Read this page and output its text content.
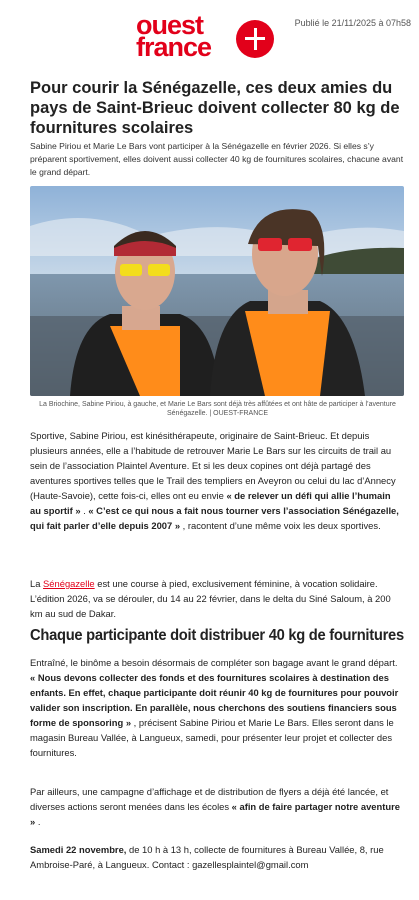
ouest
france
Publié le 21/11/2025 à 07h58
Pour courir la Sénégazelle, ces deux amies du pays de Saint-Brieuc doivent collecter 80 kg de fournitures scolaires

Sabine Piriou et Marie Le Bars vont participer à la Sénégazelle en février 2026. Si elles s’y préparent sportivement, elles doivent aussi collecter 40 kg de fournitures scolaires, chacune avant le grand départ.

La Briochine, Sabine Piriou, à gauche, et Marie Le Bars sont déjà très affûtées et ont hâte de participer à l’aventure Sénégazelle. | OUEST-FRANCE

Sportive, Sabine Piriou, est kinésithérapeute, originaire de Saint-Brieuc. Et depuis plusieurs années, elle a l’habitude de retrouver Marie Le Bars sur les circuits de trail au sein de l’association Plaintel Aventure. Et si les deux copines ont déjà partagé des aventures sportives telles que le Trail des templiers en Aveyron ou celui du lac d’Annecy (Haute-Savoie), cette fois-ci, elles ont eu envie « de relever un défi qui allie l’humain au sportif » . « C’est ce qui nous a fait nous tourner vers l’association Sénégazelle, qui fait parler d’elle depuis 2007 » , racontent d’une même voix les deux sportives.

La Sénégazelle est une course à pied, exclusivement féminine, à vocation solidaire. L’édition 2026, va se dérouler, du 14 au 22 février, dans le delta du Siné Saloum, à 200 km au sud de Dakar.

Chaque participante doit distribuer 40 kg de fournitures

Entraîné, le binôme a besoin désormais de compléter son bagage avant le grand départ. « Nous devons collecter des fonds et des fournitures scolaires à destination des enfants. En effet, chaque participante doit réunir 40 kg de fournitures pour pouvoir valider son inscription. En parallèle, nous cherchons des soutiens financiers sous forme de sponsoring » , précisent Sabine Piriou et Marie Le Bars. Elles seront dans le magasin Bureau Vallée, à Langueux, samedi, pour présenter leur projet et collecter des fournitures.

Par ailleurs, une campagne d’affichage et de distribution de flyers a déjà été lancée, et diverses actions seront menées dans les écoles « afin de faire partager notre aventure » .

Samedi 22 novembre, de 10 h à 13 h, collecte de fournitures à Bureau Vallée, 8, rue Ambroise-Paré, à Langueux. Contact : gazellesplaintel@gmail.com
